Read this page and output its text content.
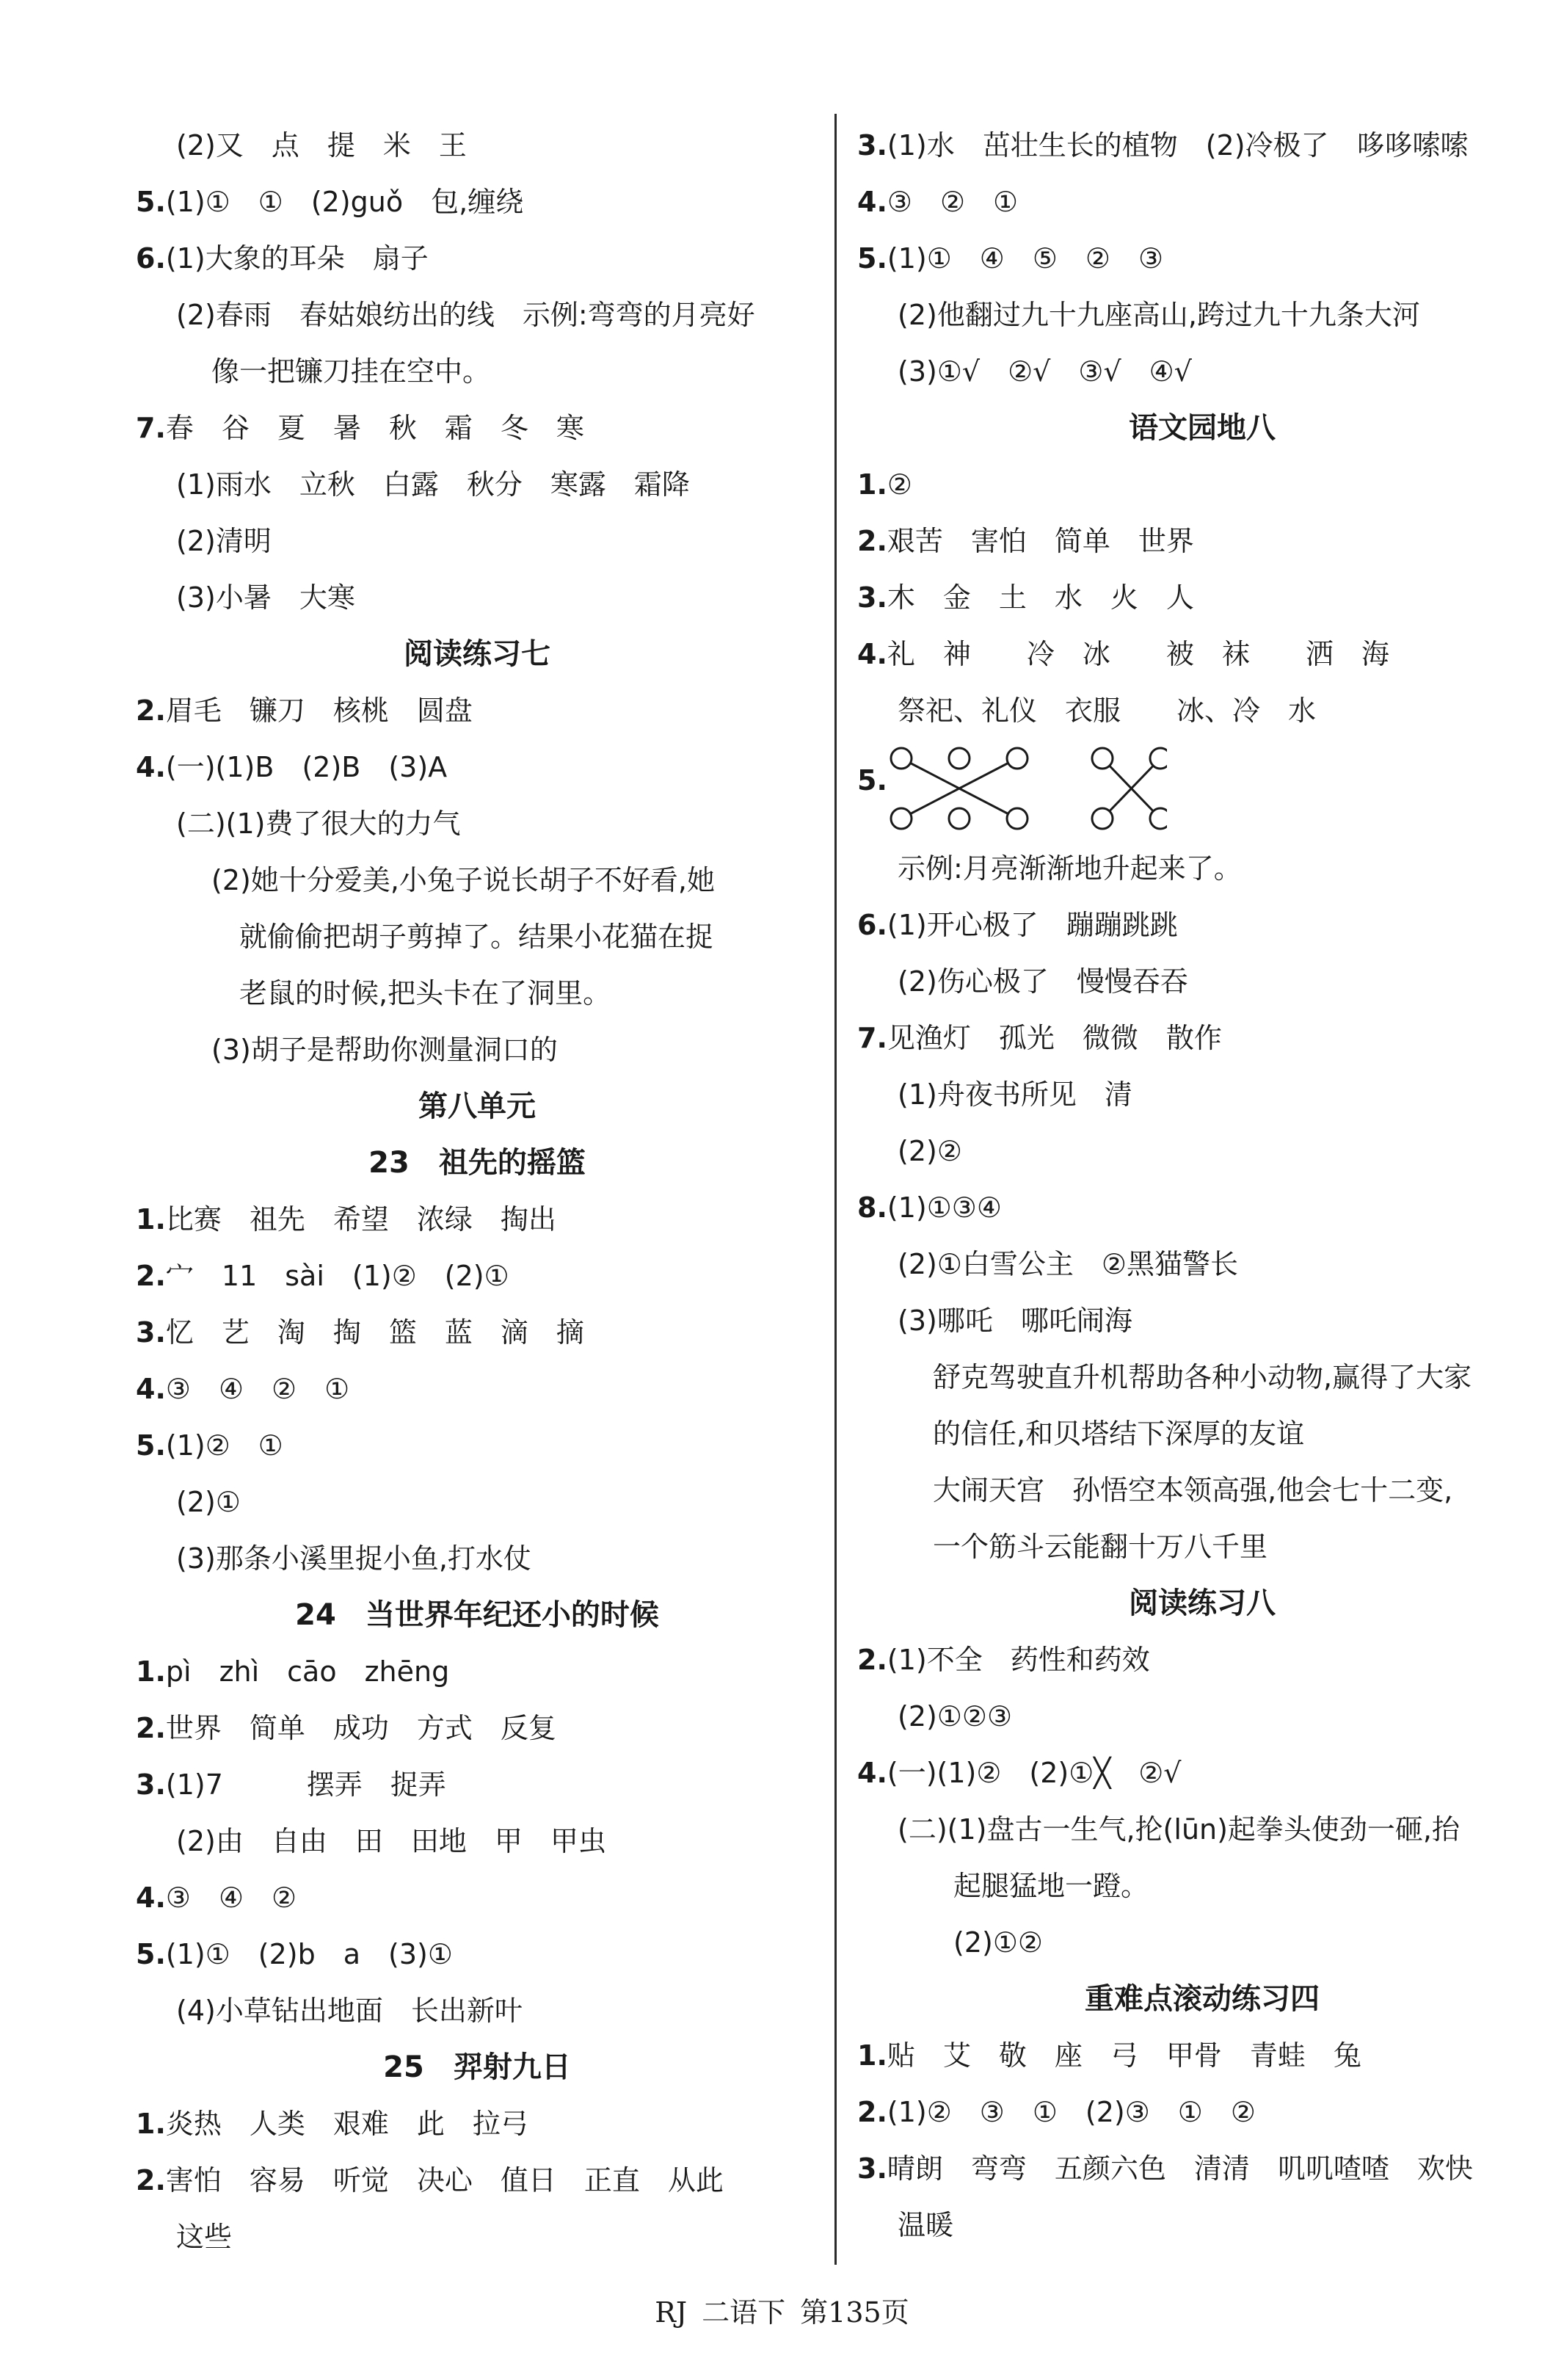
(2)又　点　提　米　王
5.(1)①　①　(2)guǒ　包,缠绕
6.(1)大象的耳朵　扇子
(2)春雨　春姑娘纺出的线　示例:弯弯的月亮好
像一把镰刀挂在空中。
7.春　谷　夏　暑　秋　霜　冬　寒
(1)雨水　立秋　白露　秋分　寒露　霜降
(2)清明
(3)小暑　大寒
阅读练习七
2.眉毛　镰刀　核桃　圆盘
4.(一)(1)B　(2)B　(3)A
(二)(1)费了很大的力气
(2)她十分爱美,小兔子说长胡子不好看,她
　就偷偷把胡子剪掉了。结果小花猫在捉
　老鼠的时候,把头卡在了洞里。
(3)胡子是帮助你测量洞口的
第八单元
23　祖先的摇篮
1.比赛　祖先　希望　浓绿　掏出
2.宀　11　sài　(1)②　(2)①
3.忆　艺　淘　掏　篮　蓝　滴　摘
4.③　④　②　①
5.(1)②　①
(2)①
(3)那条小溪里捉小鱼,打水仗
24　当世界年纪还小的时候
1.pì　zhì　cāo　zhēng
2.世界　简单　成功　方式　反复
3.(1)7　　　摆弄　捉弄
(2)由　自由　田　田地　甲　甲虫
4.③　④　②
5.(1)①　(2)b　a　(3)①
(4)小草钻出地面　长出新叶
25　羿射九日
1.炎热　人类　艰难　此　拉弓
2.害怕　容易　听觉　决心　值日　正直　从此
这些
3.(1)水　茁壮生长的植物　(2)冷极了　哆哆嗦嗦
4.③　②　①
5.(1)①　④　⑤　②　③
(2)他翻过九十九座高山,跨过九十九条大河
(3)①√　②√　③√　④√
语文园地八
1.②
2.艰苦　害怕　简单　世界
3.木　金　土　水　火　人
4.礼　神　　冷　冰　　被　袜　　洒　海
祭祀、礼仪　衣服　　冰、冷　水
5.
示例:月亮渐渐地升起来了。
6.(1)开心极了　蹦蹦跳跳
(2)伤心极了　慢慢吞吞
7.见渔灯　孤光　微微　散作
(1)舟夜书所见　清
(2)②
8.(1)①③④
(2)①白雪公主　②黑猫警长
(3)哪吒　哪吒闹海
舒克驾驶直升机帮助各种小动物,赢得了大家
的信任,和贝塔结下深厚的友谊
大闹天宫　孙悟空本领高强,他会七十二变,
一个筋斗云能翻十万八千里
阅读练习八
2.(1)不全　药性和药效
(2)①②③
4.(一)(1)②　(2)①╳　②√
(二)(1)盘古一生气,抡(lūn)起拳头使劲一砸,抬
　　起腿猛地一蹬。
　　(2)①②
重难点滚动练习四
1.贴　艾　敬　座　弓　甲骨　青蛙　兔
2.(1)②　③　①　(2)③　①　②
3.晴朗　弯弯　五颜六色　清清　叽叽喳喳　欢快
温暖
RJ 二语下 第135页
